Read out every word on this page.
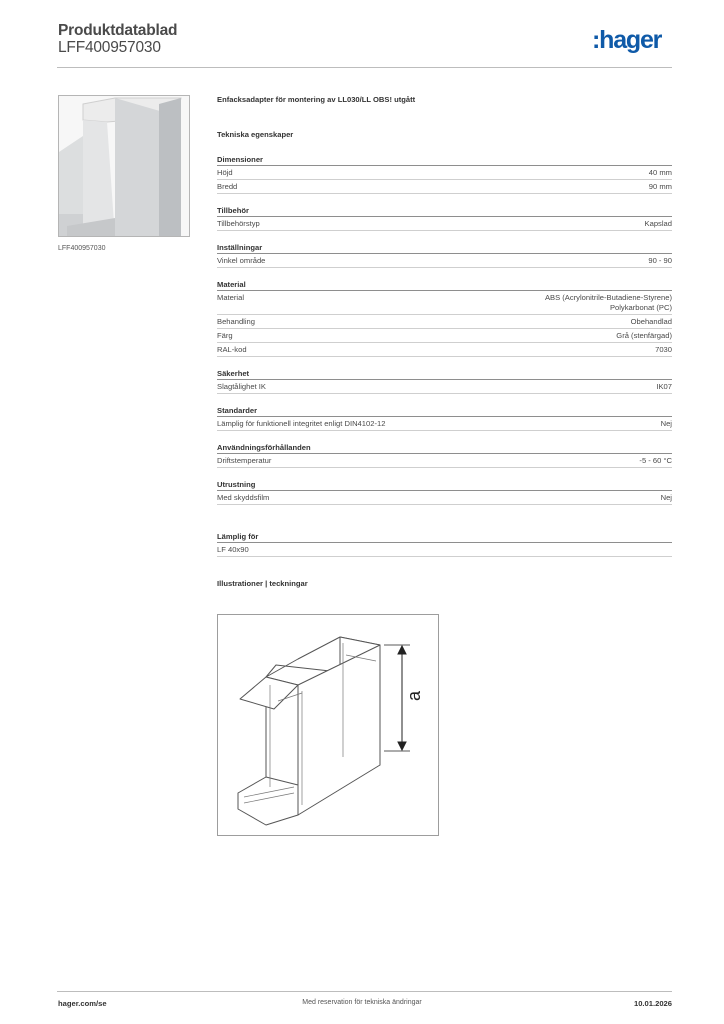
Produktdatablad
LFF400957030	:hager
LFF400957030
Enfacksadapter för montering av LL030/LL OBS! utgått
Tekniska egenskaper
Dimensioner
Höjd	40 mm
Bredd	90 mm
Tillbehör
Tillbehörstyp	Kapslad
Inställningar
Vinkel område	90 - 90
Material
Material	ABS (Acrylonitrile-Butadiene-Styrene)
Polykarbonat (PC)
Behandling	Obehandlad
Färg	Grå (stenfärgad)
RAL-kod	7030
Säkerhet
Slagtålighet IK	IK07
Standarder
Lämplig för funktionell integritet enligt DIN4102-12	Nej
Användningsförhållanden
Driftstemperatur	-5 - 60 °C
Utrustning
Med skyddsfilm	Nej
Lämplig för
LF 40x90
Illustrationer | teckningar
a
hager.com/se	Med reservation för tekniska ändringar	10.01.2026
